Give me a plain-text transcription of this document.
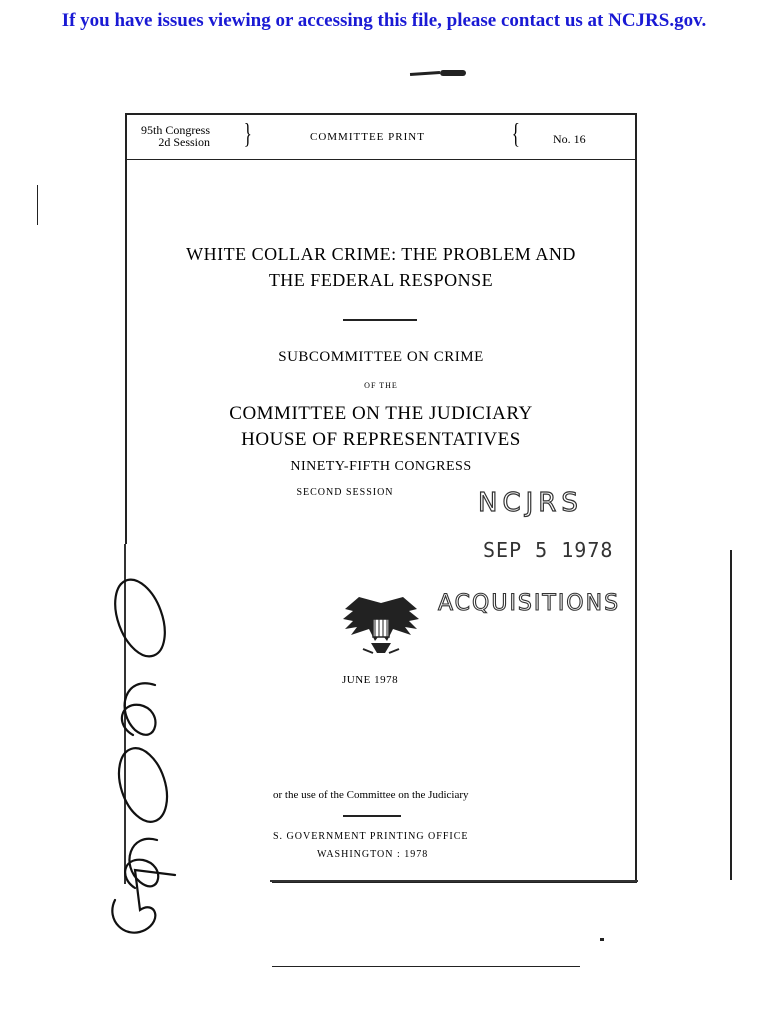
If you have issues viewing or accessing this file, please contact us at NCJRS.gov.
95th Congress
2d Session }	COMMITTEE PRINT	{	No. 16
WHITE COLLAR CRIME: THE PROBLEM AND
THE FEDERAL RESPONSE
SUBCOMMITTEE ON CRIME
OF THE
COMMITTEE ON THE JUDICIARY
HOUSE OF REPRESENTATIVES
NINETY-FIFTH CONGRESS
SECOND SESSION
JUNE 1978
or the use of the Committee on the Judiciary
S. GOVERNMENT PRINTING OFFICE
WASHINGTON : 1978
NCJRS
SEP 5 1978
ACQUISITIONS
